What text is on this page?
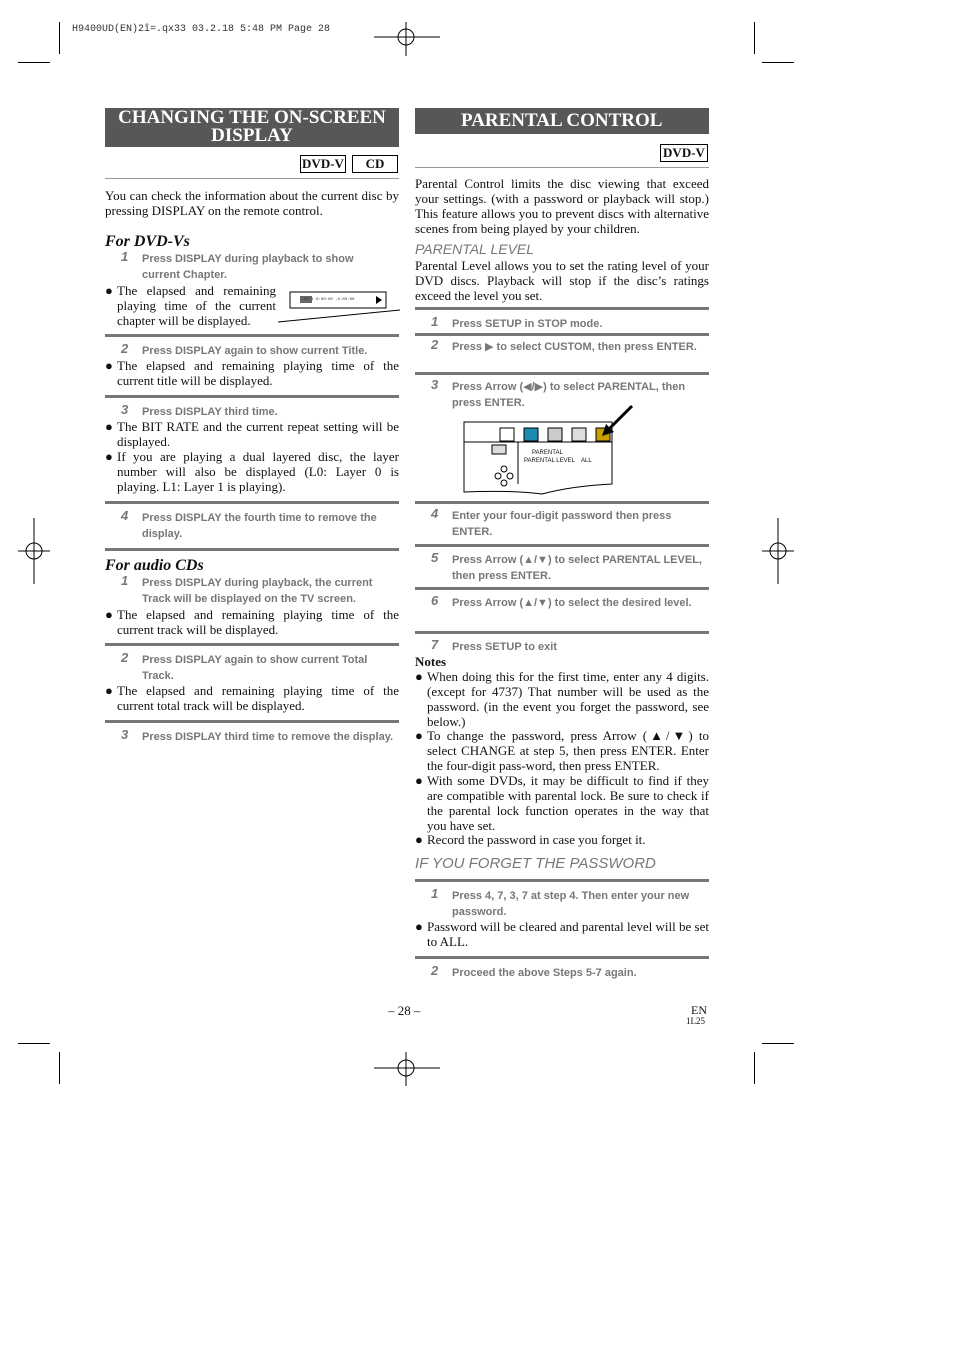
H9400UD(EN)2î=.qx33 03.2.18 5:48 PM Page 28
CHANGING THE ON-SCREEN
DISPLAY
DVD-V	CD

You can check the information about the current disc by pressing DISPLAY on the remote control.

For DVD-Vs
1 Press DISPLAY during playback to show current Chapter.
● The elapsed and remaining playing time of the current chapter will be displayed.
CH 1 0:00:00 -0:00:00
2 Press DISPLAY again to show current Title.
● The elapsed and remaining playing time of the current title will be displayed.
3 Press DISPLAY third time.
● The BIT RATE and the current repeat setting will be displayed.
● If you are playing a dual layered disc, the layer number will also be displayed (L0: Layer 0 is playing. L1: Layer 1 is playing).
4 Press DISPLAY the fourth time to remove the display.
For audio CDs
1 Press DISPLAY during playback, the current Track will be displayed on the TV screen.
● The elapsed and remaining playing time of the current track will be displayed.
2 Press DISPLAY again to show current Total Track.
● The elapsed and remaining playing time of the current total track will be displayed.
3 Press DISPLAY third time to remove the display.
PARENTAL CONTROL
DVD-V

Parental Control limits the disc viewing that exceed your settings. (with a password or playback will stop.) This feature allows you to prevent discs with alternative scenes from being played by your children.

PARENTAL LEVEL

Parental Level allows you to set the rating level of your DVD discs. Playback will stop if the disc’s ratings exceed the level you set.

1 Press SETUP in STOP mode.
2 Press ▶ to select CUSTOM, then press ENTER.
3 Press Arrow (◀/▶) to select PARENTAL, then press ENTER.
PARENTAL
PARENTAL LEVEL    ALL
4 Enter your four-digit password then press ENTER.
5 Press Arrow (▲/▼) to select PARENTAL LEVEL, then press ENTER.
6 Press Arrow (▲/▼) to select the desired level.
7 Press SETUP to exit
Notes
● When doing this for the first time, enter any 4 digits. (except for 4737) That number will be used as the password. (in the event you forget the password, see below.)
● To change the password, press Arrow (▲/▼) to select CHANGE at step 5, then press ENTER. Enter the four-digit pass-word, then press ENTER.
● With some DVDs, it may be difficult to find if they are compatible with parental lock. Be sure to check if the parental lock function operates in the way that you have set.
● Record the password in case you forget it.
IF YOU FORGET THE PASSWORD
1 Press 4, 7, 3, 7 at step 4. Then enter your new password.
● Password will be cleared and parental level will be set to ALL.
2 Proceed the above Steps 5-7 again.
– 28 –	EN
1L25
